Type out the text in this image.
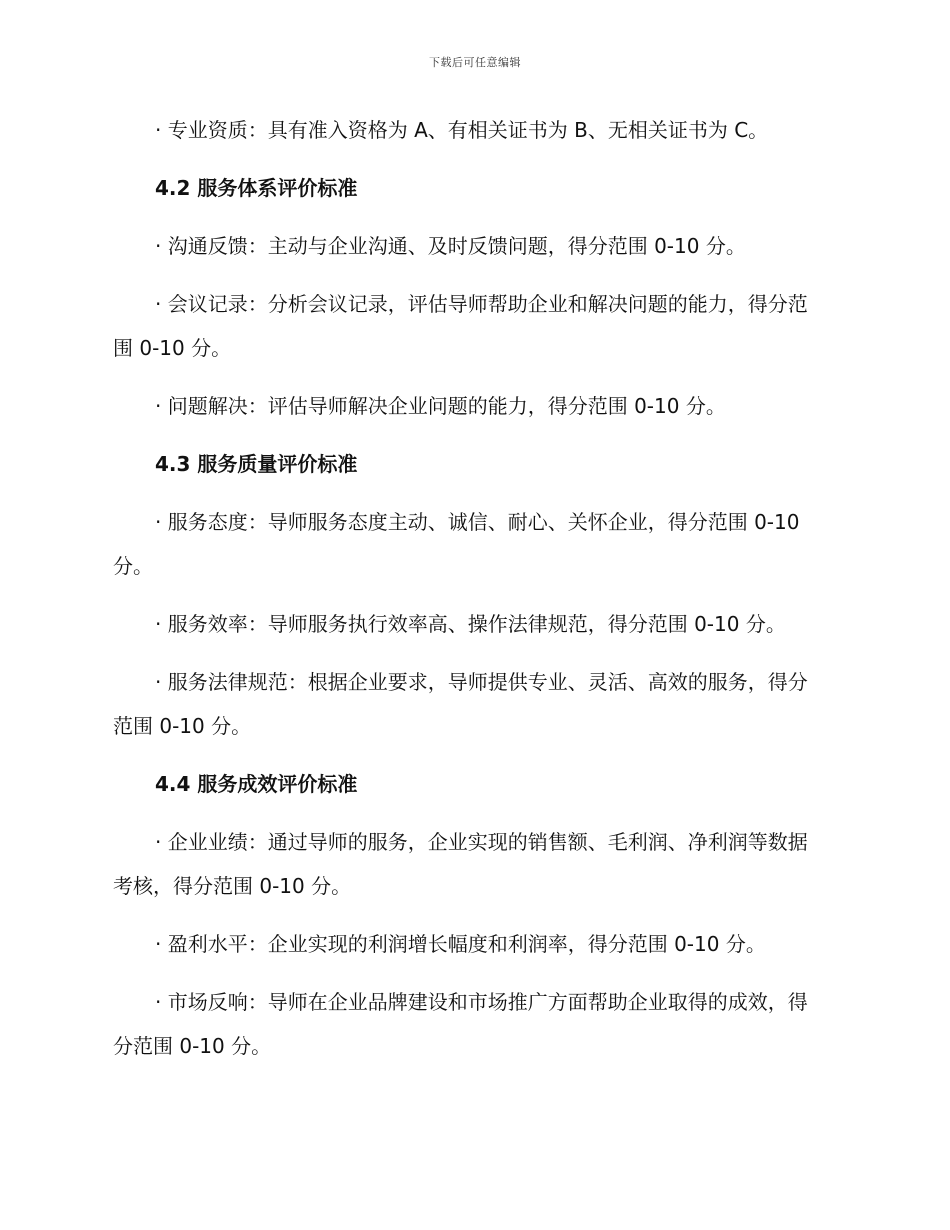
下载后可任意编辑

· 专业资质：具有准入资格为 A、有相关证书为 B、无相关证书为 C。

4.2 服务体系评价标准

· 沟通反馈：主动与企业沟通、及时反馈问题，得分范围 0-10 分。

· 会议记录：分析会议记录，评估导师帮助企业和解决问题的能力，得分范围 0-10 分。

· 问题解决：评估导师解决企业问题的能力，得分范围 0-10 分。

4.3 服务质量评价标准

· 服务态度：导师服务态度主动、诚信、耐心、关怀企业，得分范围 0-10 分。

· 服务效率：导师服务执行效率高、操作法律规范，得分范围 0-10 分。

· 服务法律规范：根据企业要求，导师提供专业、灵活、高效的服务，得分范围 0-10 分。

4.4 服务成效评价标准

· 企业业绩：通过导师的服务，企业实现的销售额、毛利润、净利润等数据考核，得分范围 0-10 分。

· 盈利水平：企业实现的利润增长幅度和利润率，得分范围 0-10 分。

· 市场反响：导师在企业品牌建设和市场推广方面帮助企业取得的成效，得分范围 0-10 分。
